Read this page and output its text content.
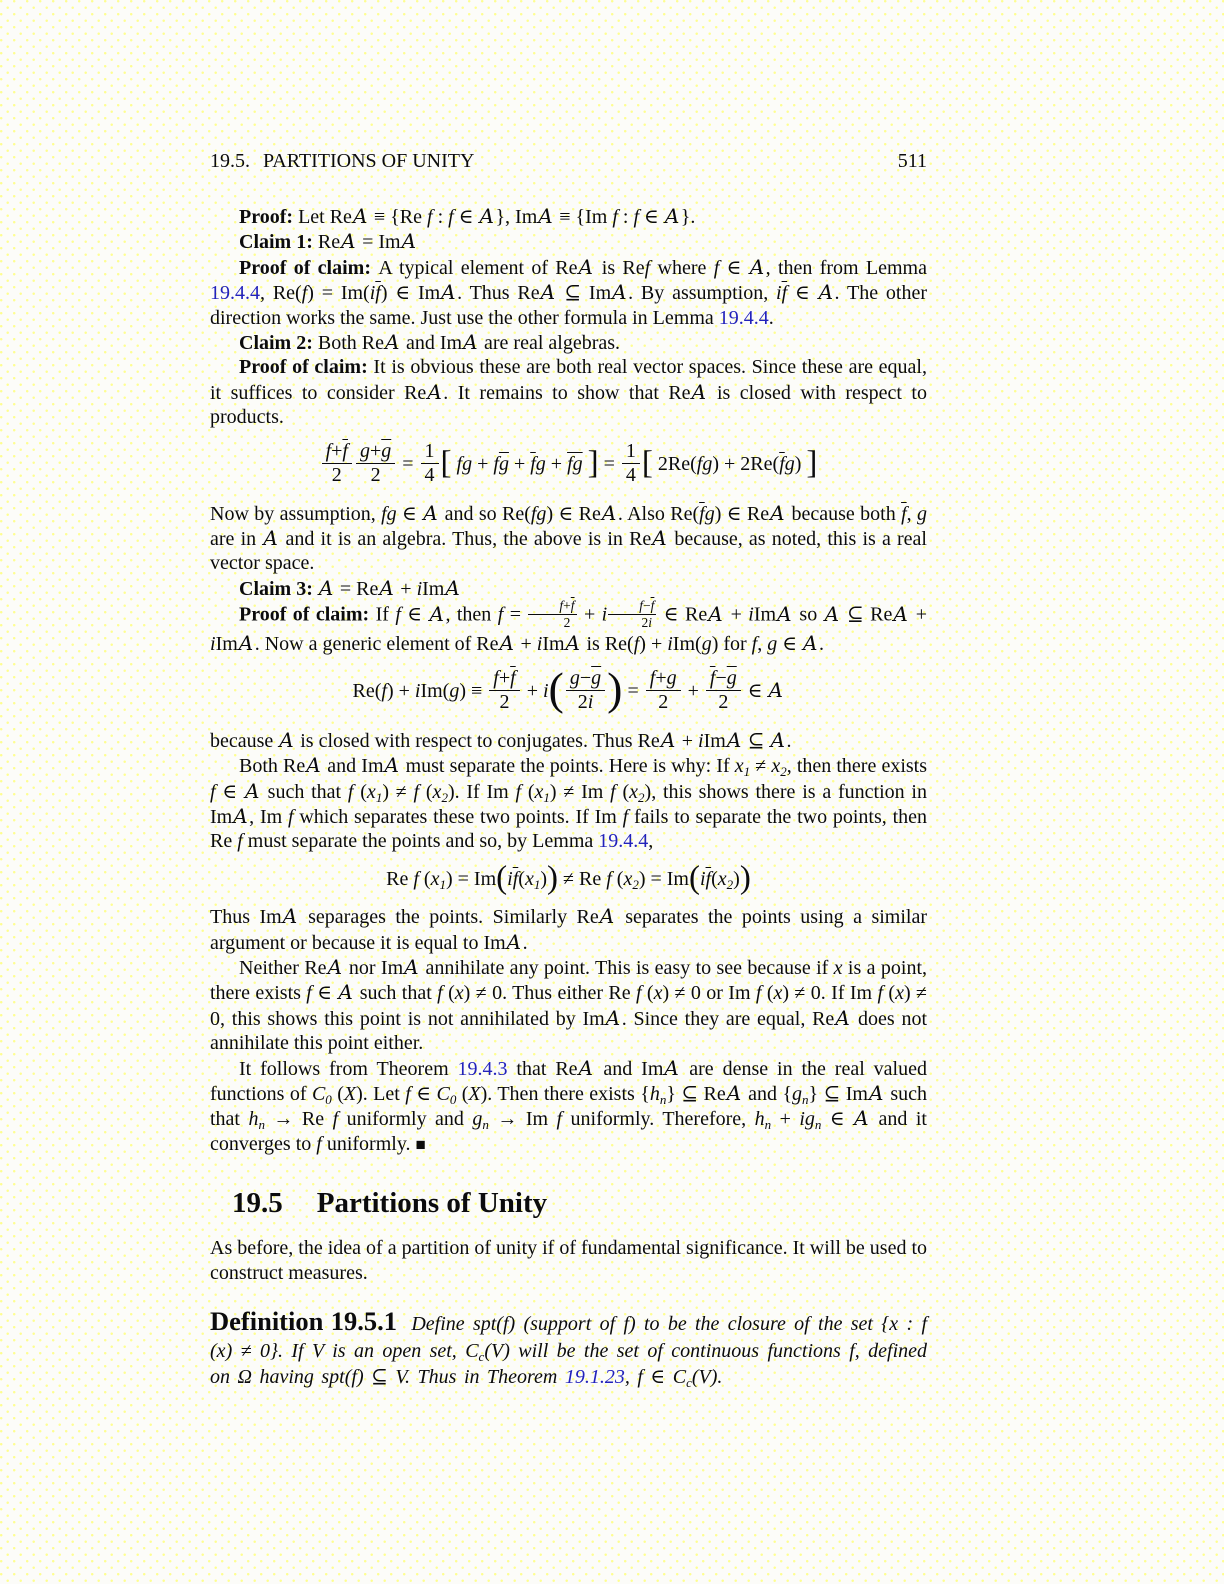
19.5. PARTITIONS OF UNITY	511

Proof: Let ReA ≡ {Re f : f ∈ A}, ImA ≡ {Im f : f ∈ A}.

Claim 1: ReA = ImA

Proof of claim: A typical element of ReA is Ref where f ∈ A, then from Lemma 19.4.4, $Re(f) = Im(i\overline{f})$ ∈ ImA. Thus ReA ⊆ ImA. By assumption, $i\overline{f}$ ∈ A. The other direction works the same. Just use the other formula in Lemma 19.4.4.

Claim 2: Both ReA and ImA are real algebras.

Proof of claim: It is obvious these are both real vector spaces. Since these are equal, it suffices to consider ReA. It remains to show that ReA is closed with respect to products.

$\frac{f+\overline{f}}{2} \frac{g+\overline{g}}{2} = \frac{1}{4}$ [ fg + $f\overline{g} + \overline{f}g + \overline{fg}$ ] = $\frac{1}{4}$ [ $2Re(fg) + 2Re(\overline{f}g)$ ]

Now by assumption, fg ∈ A and so Re(fg) ∈ ReA. Also $Re(\overline{f}g)$ ∈ ReA because both $\overline{f}$, g are in A and it is an algebra. Thus, the above is in ReA because, as noted, this is a real vector space.

Claim 3: A = ReA + iImA

Proof of claim: If f ∈ A, then $f = \frac{f+\overline{f}}{2} + i \frac{f-\overline{f}}{2i}$ ∈ ReA + iImA so A ⊆ ReA + iImA. Now a generic element of ReA + iImA is Re(f) + iIm(g) for f, g ∈ A.

$Re(f) + iIm(g) \equiv \frac{f+\overline{f}}{2} + i( \frac{g-\overline{g}}{2i}$ ) = $\frac{f+g}{2} + \frac{\overline{f}-\overline{g}}{2}$ ∈ A

because A is closed with respect to conjugates. Thus ReA + iImA ⊆ A.

Both ReA and ImA must separate the points. Here is why: If $x_1 \ne x_2$, then there exists f ∈ A such that f $(x_1) \ne f$ $(x_2)$. If Im f $(x_1) \ne Im$ f $(x_2)$, this shows there is a function in ImA, Im f which separates these two points. If Im f fails to separate the two points, then Re f must separate the points and so, by Lemma 19.4.4,

Re f $(x_1) = Im(i\overline{f}(x_1)) \ne Re$ f $(x_2) = Im(i\overline{f}(x_2))$

Thus ImA separages the points. Similarly ReA separates the points using a similar argument or because it is equal to ImA.

Neither ReA nor ImA annihilate any point. This is easy to see because if x is a point, there exists f ∈ A such that f (x) ≠ 0. Thus either Re f (x) ≠ 0 or Im f (x) ≠ 0. If Im f (x) ≠ 0, this shows this point is not annihilated by ImA. Since they are equal, ReA does not annihilate this point either.

It follows from Theorem 19.4.3 that ReA and ImA are dense in the real valued functions of $C_0$ (X). Let f ∈ $C_0$ (X). Then there exists $\{h_n\}$ ⊆ ReA and $\{g_n\}$ ⊆ ImA such that $h_n \to Re$ f uniformly and $g_n \to Im$ f uniformly. Therefore, $h_n + ig_n$ ∈ A and it converges to f uniformly. ■

19.5 Partitions of Unity

As before, the idea of a partition of unity if of fundamental significance. It will be used to construct measures.

Definition 19.5.1 Define spt(f) (support of f) to be the closure of the set {x : f (x) ≠ 0}. If V is an open set, $C_c(V)$ will be the set of continuous functions f, defined on Ω having spt(f) ⊆ V. Thus in Theorem 19.1.23, f ∈ $C_c(V)$.
